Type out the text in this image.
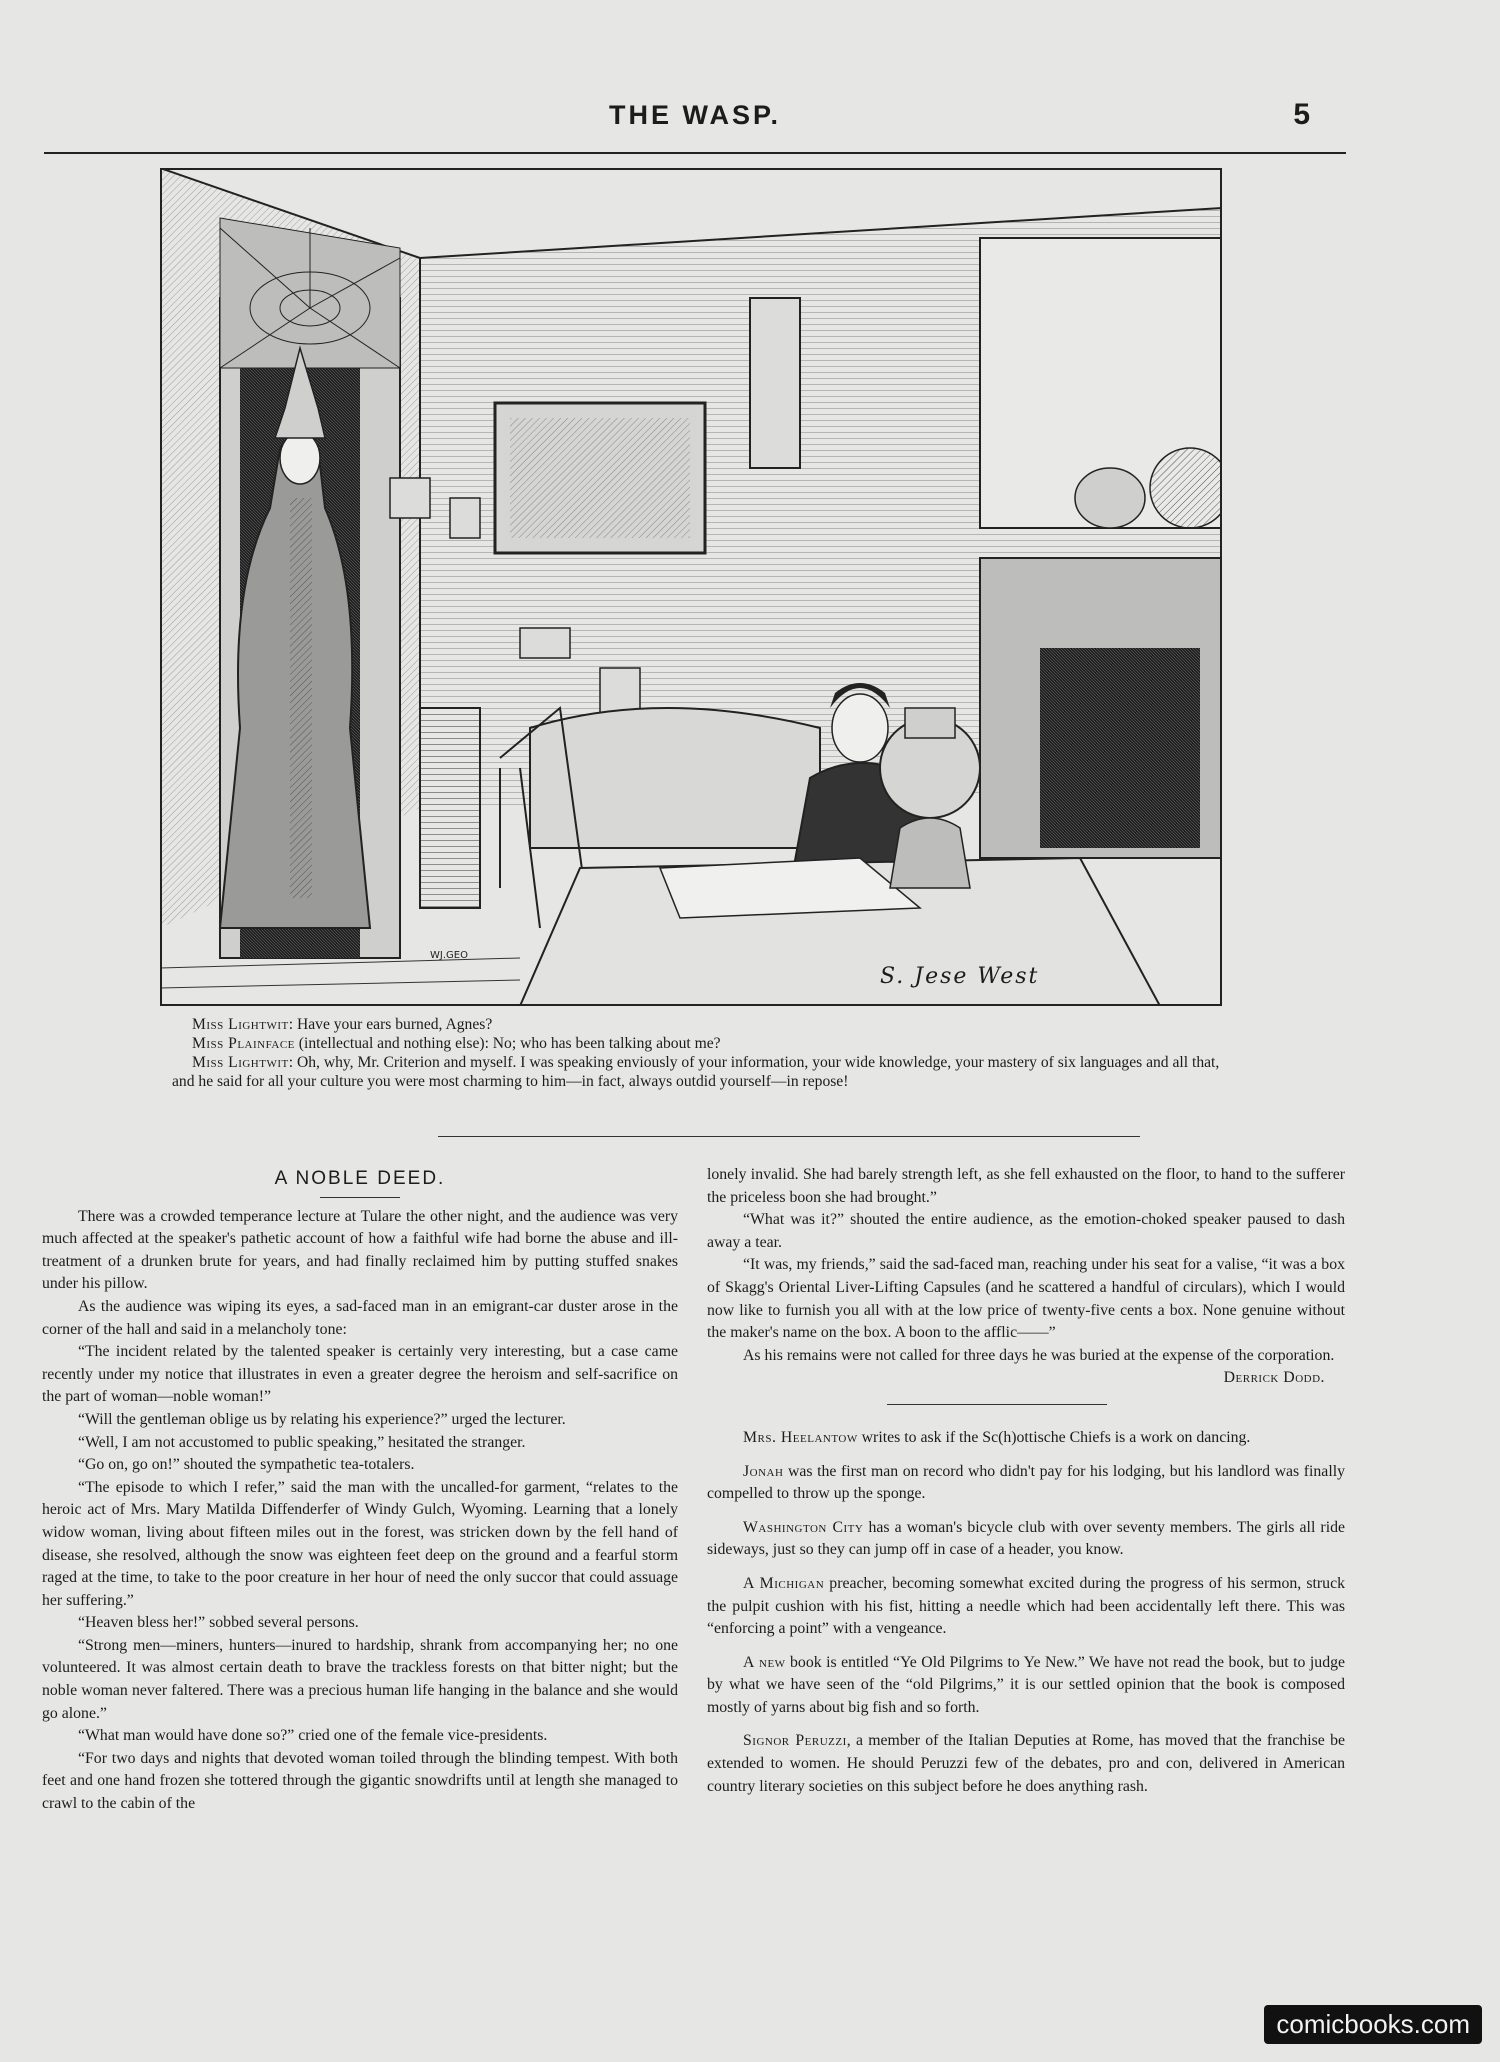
THE WASP.	5
WJ.GEO
S. Jese West

Miss Lightwit: Have your ears burned, Agnes?

Miss Plainface (intellectual and nothing else): No; who has been talking about me?

Miss Lightwit: Oh, why, Mr. Criterion and myself. I was speaking enviously of your information, your wide knowledge, your mastery of six languages and all that, and he said for all your culture you were most charming to him—in fact, always outdid yourself—in repose!

A NOBLE DEED.

There was a crowded temperance lecture at Tulare the other night, and the audience was very much affected at the speaker's pathetic account of how a faithful wife had borne the abuse and ill-treatment of a drunken brute for years, and had finally reclaimed him by putting stuffed snakes under his pillow.

As the audience was wiping its eyes, a sad-faced man in an emigrant-car duster arose in the corner of the hall and said in a melancholy tone:

“The incident related by the talented speaker is certainly very interesting, but a case came recently under my notice that illustrates in even a greater degree the heroism and self-sacrifice on the part of woman—noble woman!”

“Will the gentleman oblige us by relating his experience?” urged the lecturer.

“Well, I am not accustomed to public speaking,” hesitated the stranger.

“Go on, go on!” shouted the sympathetic tea-totalers.

“The episode to which I refer,” said the man with the uncalled-for garment, “relates to the heroic act of Mrs. Mary Matilda Diffenderfer of Windy Gulch, Wyoming. Learning that a lonely widow woman, living about fifteen miles out in the forest, was stricken down by the fell hand of disease, she resolved, although the snow was eighteen feet deep on the ground and a fearful storm raged at the time, to take to the poor creature in her hour of need the only succor that could assuage her suffering.”

“Heaven bless her!” sobbed several persons.

“Strong men—miners, hunters—inured to hardship, shrank from accompanying her; no one volunteered. It was almost certain death to brave the trackless forests on that bitter night; but the noble woman never faltered. There was a precious human life hanging in the balance and she would go alone.”

“What man would have done so?” cried one of the female vice-presidents.

“For two days and nights that devoted woman toiled through the blinding tempest. With both feet and one hand frozen she tottered through the gigantic snowdrifts until at length she managed to crawl to the cabin of the

lonely invalid. She had barely strength left, as she fell exhausted on the floor, to hand to the sufferer the priceless boon she had brought.”

“What was it?” shouted the entire audience, as the emotion-choked speaker paused to dash away a tear.

“It was, my friends,” said the sad-faced man, reaching under his seat for a valise, “it was a box of Skagg's Oriental Liver-Lifting Capsules (and he scattered a handful of circulars), which I would now like to furnish you all with at the low price of twenty-five cents a box. None genuine without the maker's name on the box. A boon to the afflic——”

As his remains were not called for three days he was buried at the expense of the corporation.

Derrick Dodd.

Mrs. Heelantow writes to ask if the Sc(h)ottische Chiefs is a work on dancing.

Jonah was the first man on record who didn't pay for his lodging, but his landlord was finally compelled to throw up the sponge.

Washington City has a woman's bicycle club with over seventy members. The girls all ride sideways, just so they can jump off in case of a header, you know.

A Michigan preacher, becoming somewhat excited during the progress of his sermon, struck the pulpit cushion with his fist, hitting a needle which had been accidentally left there. This was “enforcing a point” with a vengeance.

A new book is entitled “Ye Old Pilgrims to Ye New.” We have not read the book, but to judge by what we have seen of the “old Pilgrims,” it is our settled opinion that the book is composed mostly of yarns about big fish and so forth.

Signor Peruzzi, a member of the Italian Deputies at Rome, has moved that the franchise be extended to women. He should Peruzzi few of the debates, pro and con, delivered in American country literary societies on this subject before he does anything rash.

comicbooks.com
